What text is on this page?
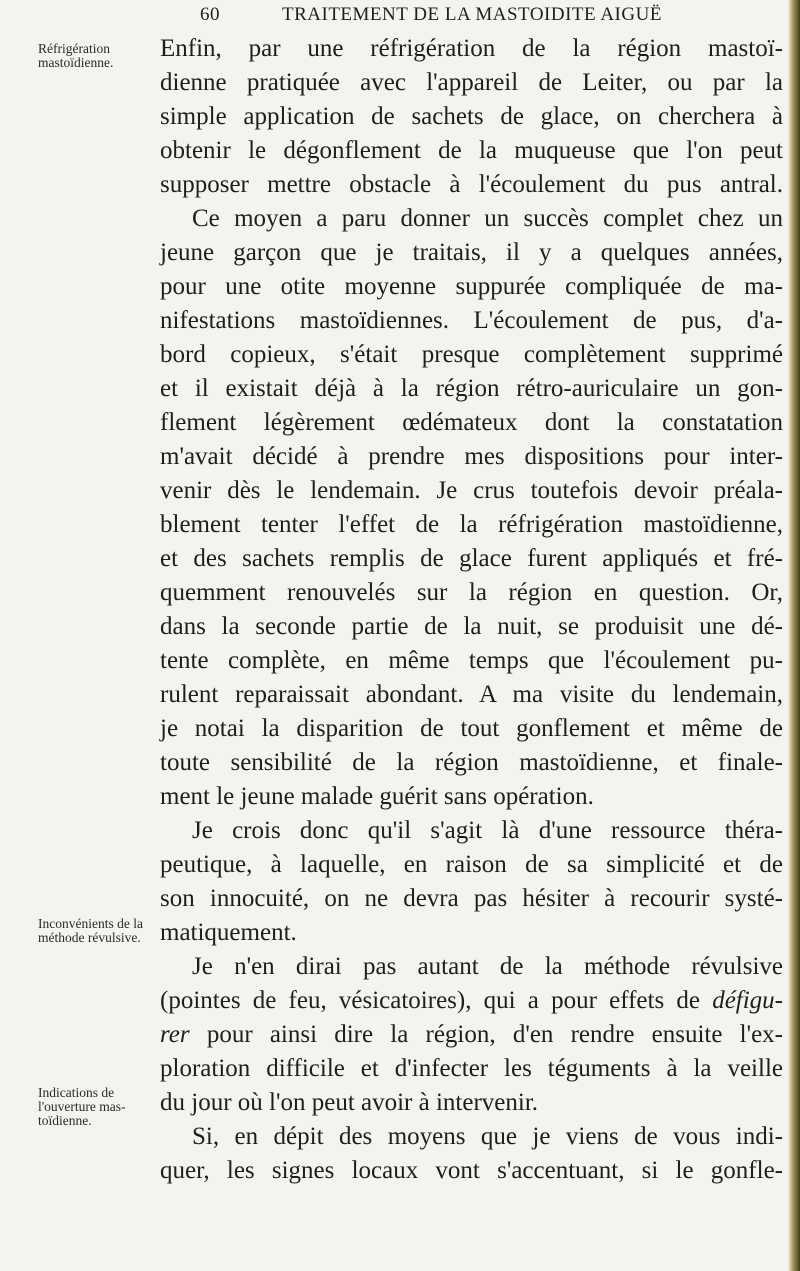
60	TRAITEMENT DE LA MASTOIDITE AIGUË
Réfrigération mastoïdienne.
Inconvénients de la méthode révulsive.
Indications de l'ouverture mas-toïdienne.
Enfin, par une réfrigération de la région mastoï-
dienne pratiquée avec l'appareil de Leiter, ou par la
simple application de sachets de glace, on cherchera à
obtenir le dégonflement de la muqueuse que l'on peut
supposer mettre obstacle à l'écoulement du pus antral.
Ce moyen a paru donner un succès complet chez un
jeune garçon que je traitais, il y a quelques années,
pour une otite moyenne suppurée compliquée de ma-
nifestations mastoïdiennes. L'écoulement de pus, d'a-
bord copieux, s'était presque complètement supprimé
et il existait déjà à la région rétro-auriculaire un gon-
flement légèrement œdémateux dont la constatation
m'avait décidé à prendre mes dispositions pour inter-
venir dès le lendemain. Je crus toutefois devoir préala-
blement tenter l'effet de la réfrigération mastoïdienne,
et des sachets remplis de glace furent appliqués et fré-
quemment renouvelés sur la région en question. Or,
dans la seconde partie de la nuit, se produisit une dé-
tente complète, en même temps que l'écoulement pu-
rulent reparaissait abondant. A ma visite du lendemain,
je notai la disparition de tout gonflement et même de
toute sensibilité de la région mastoïdienne, et finale-
ment le jeune malade guérit sans opération.
Je crois donc qu'il s'agit là d'une ressource théra-
peutique, à laquelle, en raison de sa simplicité et de
son innocuité, on ne devra pas hésiter à recourir systé-
matiquement.
Je n'en dirai pas autant de la méthode révulsive
(pointes de feu, vésicatoires), qui a pour effets de défigu-
rer pour ainsi dire la région, d'en rendre ensuite l'ex-
ploration difficile et d'infecter les téguments à la veille
du jour où l'on peut avoir à intervenir.
Si, en dépit des moyens que je viens de vous indi-
quer, les signes locaux vont s'accentuant, si le gonfle-
